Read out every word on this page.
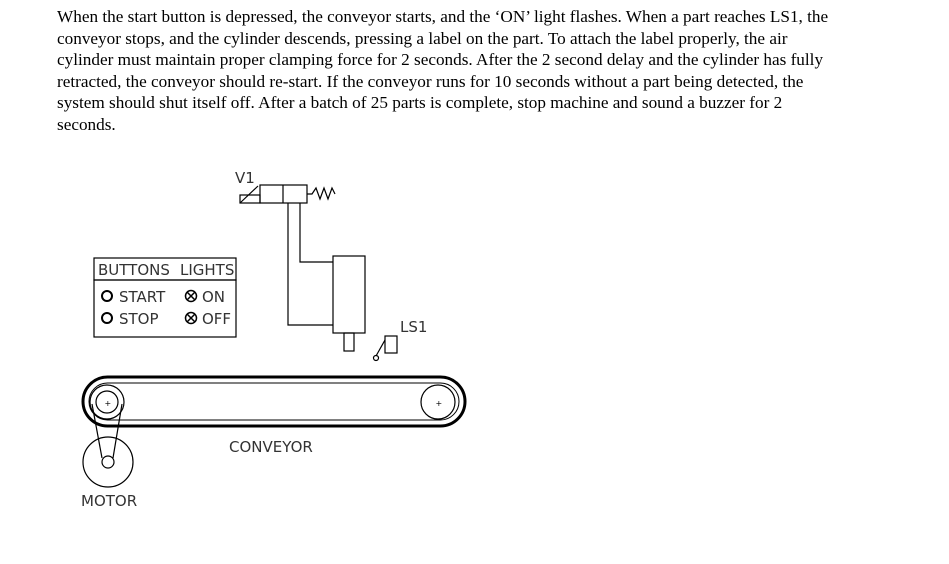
When the start button is depressed, the conveyor starts, and the ‘ON’ light flashes. When a part reaches LS1, the
conveyor stops, and the cylinder descends, pressing a label on the part. To attach the label properly, the air
cylinder must maintain proper clamping force for 2 seconds. After the 2 second delay and the cylinder has fully
retracted, the conveyor should re-start. If the conveyor runs for 10 seconds without a part being detected, the
system should shut itself off. After a batch of 25 parts is complete, stop machine and sound a buzzer for 2
seconds.
V1
LS1
BUTTONS LIGHTS
START
STOP
ON
OFF
+	+
CONVEYOR
MOTOR
